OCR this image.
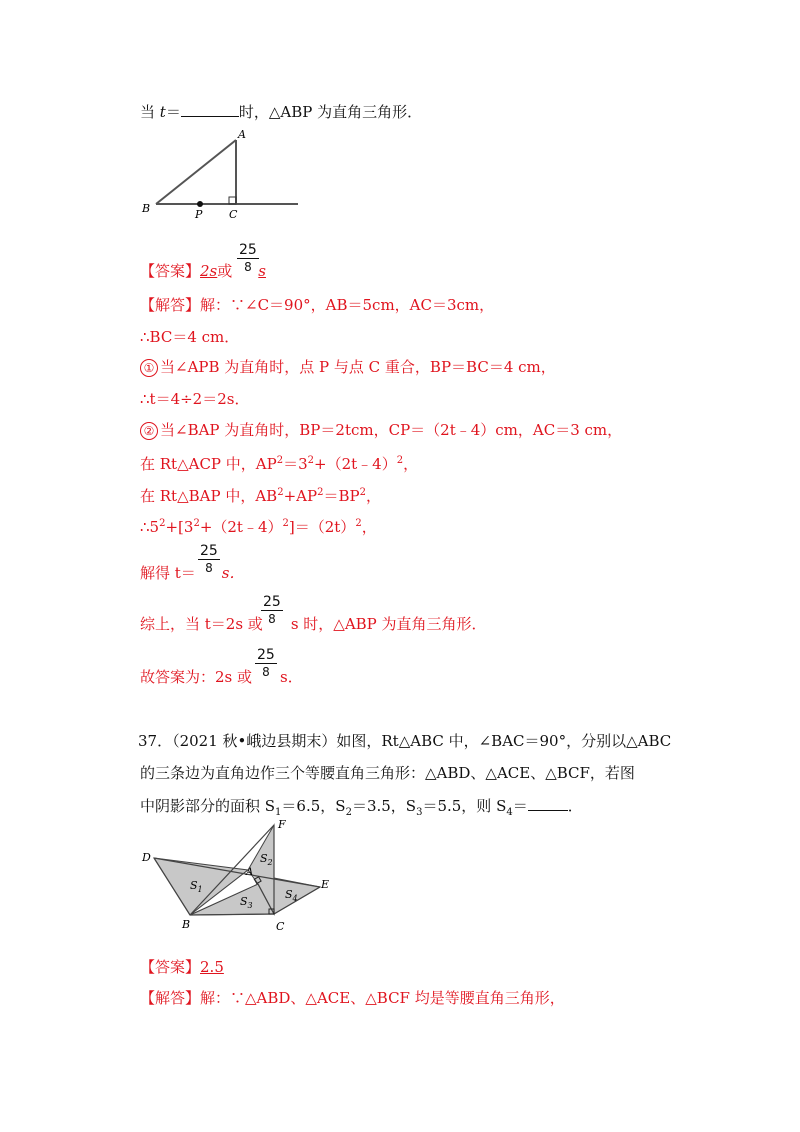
当 t＝	时，△ABP 为直角三角形．
A
B	P C
【答案】2s或 s
$\frac{25}{8}$
【解答】解：∵∠C＝90°，AB＝5cm，AC＝3cm，
∴BC＝4 cm．
① 当∠APB 为直角时，点 P 与点 C 重合，BP＝BC＝4 cm，
∴t＝4÷2＝2s．
② 当∠BAP 为直角时，BP＝2tcm，CP＝（2t﹣4）cm，AC＝3 cm，
在 Rt△ACP 中，$AP^2=3^2+(2t﹣4)^2$，
在 Rt△BAP 中，$AB^2+AP^2=BP^2$，
$\therefore 5^2+[3^2+(2t﹣4)^2]=(2t)^2$，
解得 t＝ s．
$\frac{25}{8}$
综上，当 t＝2s 或 s 时，△ABP 为直角三角形．
$\frac{25}{8}$
故答案为：2s 或 s．
$\frac{25}{8}$
37．（2021 秋•峨边县期末）如图，Rt△ABC 中，∠BAC＝90°，分别以△ABC
的三条边为直角边作三个等腰直角三角形：△ABD、△ACE、△BCF，若图
中阴影部分的面积 $S_1=6.5$，$S_2=3.5$，$S_3=5.5$，则 $S_4=$	．
D
F
A
E
B	C
$S_1$
$S_2$
$S_3$
$S_4$
【答案】2.5
【解答】解：∵△ABD、△ACE、△BCF 均是等腰直角三角形，
